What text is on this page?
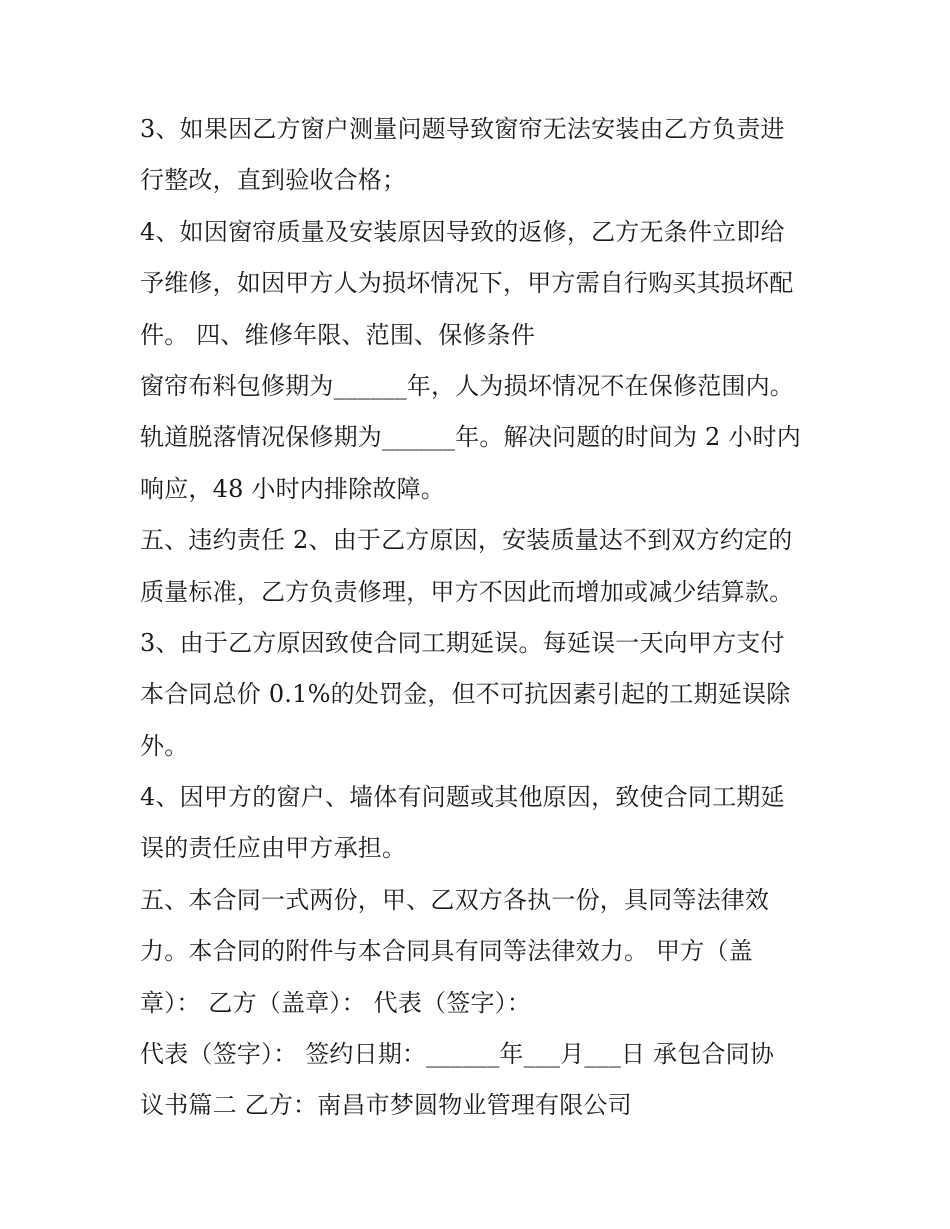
3、如果因乙方窗户测量问题导致窗帘无法安装由乙方负责进
行整改，直到验收合格；
4、如因窗帘质量及安装原因导致的返修，乙方无条件立即给
予维修，如因甲方人为损坏情况下，甲方需自行购买其损坏配
件。 四、维修年限、范围、保修条件
窗帘布料包修期为______年，人为损坏情况不在保修范围内。
轨道脱落情况保修期为______年。解决问题的时间为 2 小时内
响应，48 小时内排除故障。
五、违约责任 2、由于乙方原因，安装质量达不到双方约定的
质量标准，乙方负责修理，甲方不因此而增加或减少结算款。
3、由于乙方原因致使合同工期延误。每延误一天向甲方支付
本合同总价 0.1%的处罚金，但不可抗因素引起的工期延误除
外。
4、因甲方的窗户、墙体有问题或其他原因，致使合同工期延
误的责任应由甲方承担。
五、本合同一式两份，甲、乙双方各执一份，具同等法律效
力。本合同的附件与本合同具有同等法律效力。 甲方（盖
章）： 乙方（盖章）： 代表（签字）：
代表（签字）： 签约日期：______年___月___日 承包合同协
议书篇二 乙方：南昌市梦圆物业管理有限公司
